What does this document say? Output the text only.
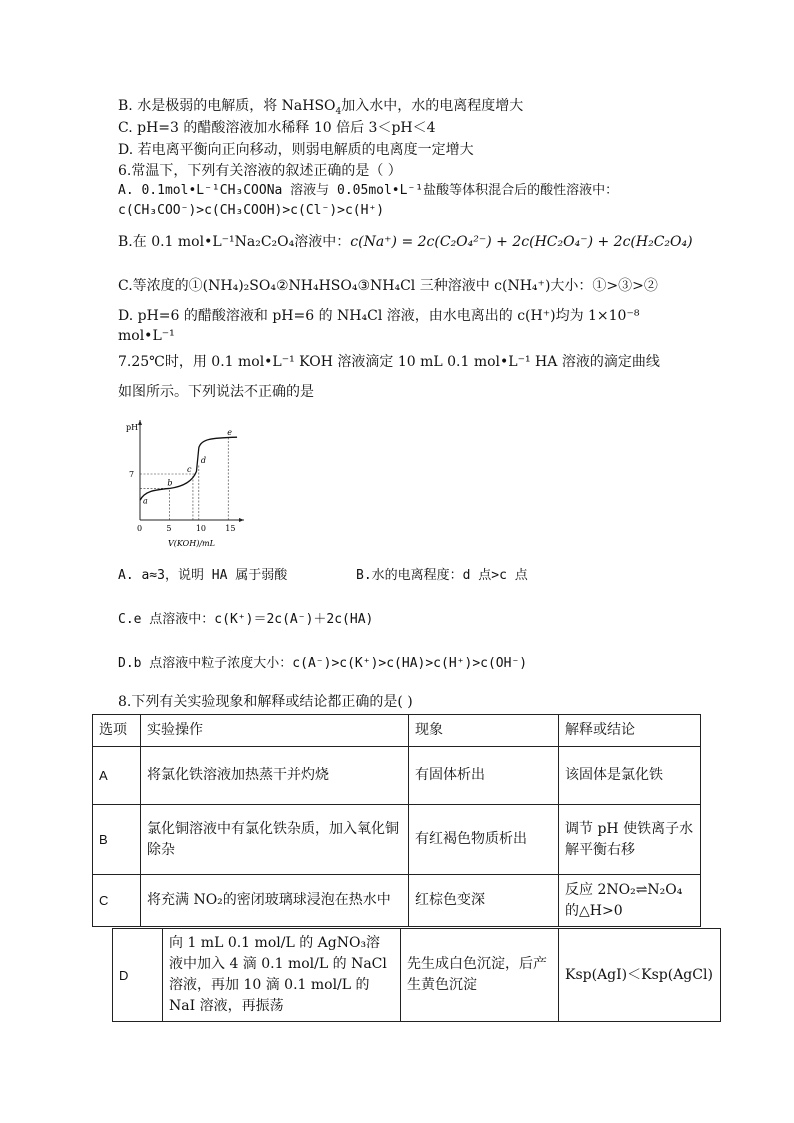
B. 水是极弱的电解质，将 NaHSO$_4$加入水中，水的电离程度增大
C. pH=3 的醋酸溶液加水稀释 10 倍后 3＜pH＜4
D. 若电离平衡向正向移动，则弱电解质的电离度一定增大
6.常温下，下列有关溶液的叙述正确的是（ ）
A. 0.1mol•L⁻¹CH₃COONa 溶液与 0.05mol•L⁻¹盐酸等体积混合后的酸性溶液中：
c(CH₃COO⁻)>c(CH₃COOH)>c(Cl⁻)>c(H⁺)
B.在 0.1 mol•L⁻¹Na₂C₂O₄溶液中：c(Na⁺) = 2c(C₂O₄²⁻) + 2c(HC₂O₄⁻) + 2c(H₂C₂O₄)
C.等浓度的①(NH₄)₂SO₄②NH₄HSO₄③NH₄Cl 三种溶液中 c(NH₄⁺)大小：①>③>②
D. pH=6 的醋酸溶液和 pH=6 的 NH₄Cl 溶液，由水电离出的 c(H⁺)均为 1×10⁻⁸
mol•L⁻¹
7.25℃时，用 0.1 mol•L⁻¹ KOH 溶液滴定 10 mL 0.1 mol•L⁻¹ HA 溶液的滴定曲线
如图所示。下列说法不正确的是
pH
V(KOH)/mL
0	5	10 15
7
a
b
c
d
e
A. a≈3，说明 HA 属于弱酸	B.水的电离程度：d 点>c 点
C.e 点溶液中：c(K⁺)＝2c(A⁻)＋2c(HA)
D.b 点溶液中粒子浓度大小：c(A⁻)>c(K⁺)>c(HA)>c(H⁺)>c(OH⁻)
8.下列有关实验现象和解释或结论都正确的是( )
选项	实验操作	现象	解释或结论
A	将氯化铁溶液加热蒸干并灼烧	有固体析出	该固体是氯化铁
B	氯化铜溶液中有氯化铁杂质，加入氧化铜除杂	有红褐色物质析出	调节 pH 使铁离子水解平衡右移
C	将充满 NO₂的密闭玻璃球浸泡在热水中	红棕色变深	反应 2NO₂⇌N₂O₄的△H>0
D	向 1 mL 0.1 mol/L 的 AgNO₃溶液中加入 4 滴 0.1 mol/L 的 NaCl 溶液，再加 10 滴 0.1 mol/L 的 NaI 溶液，再振荡	先生成白色沉淀，后产生黄色沉淀	Ksp(AgI)＜Ksp(AgCl)
